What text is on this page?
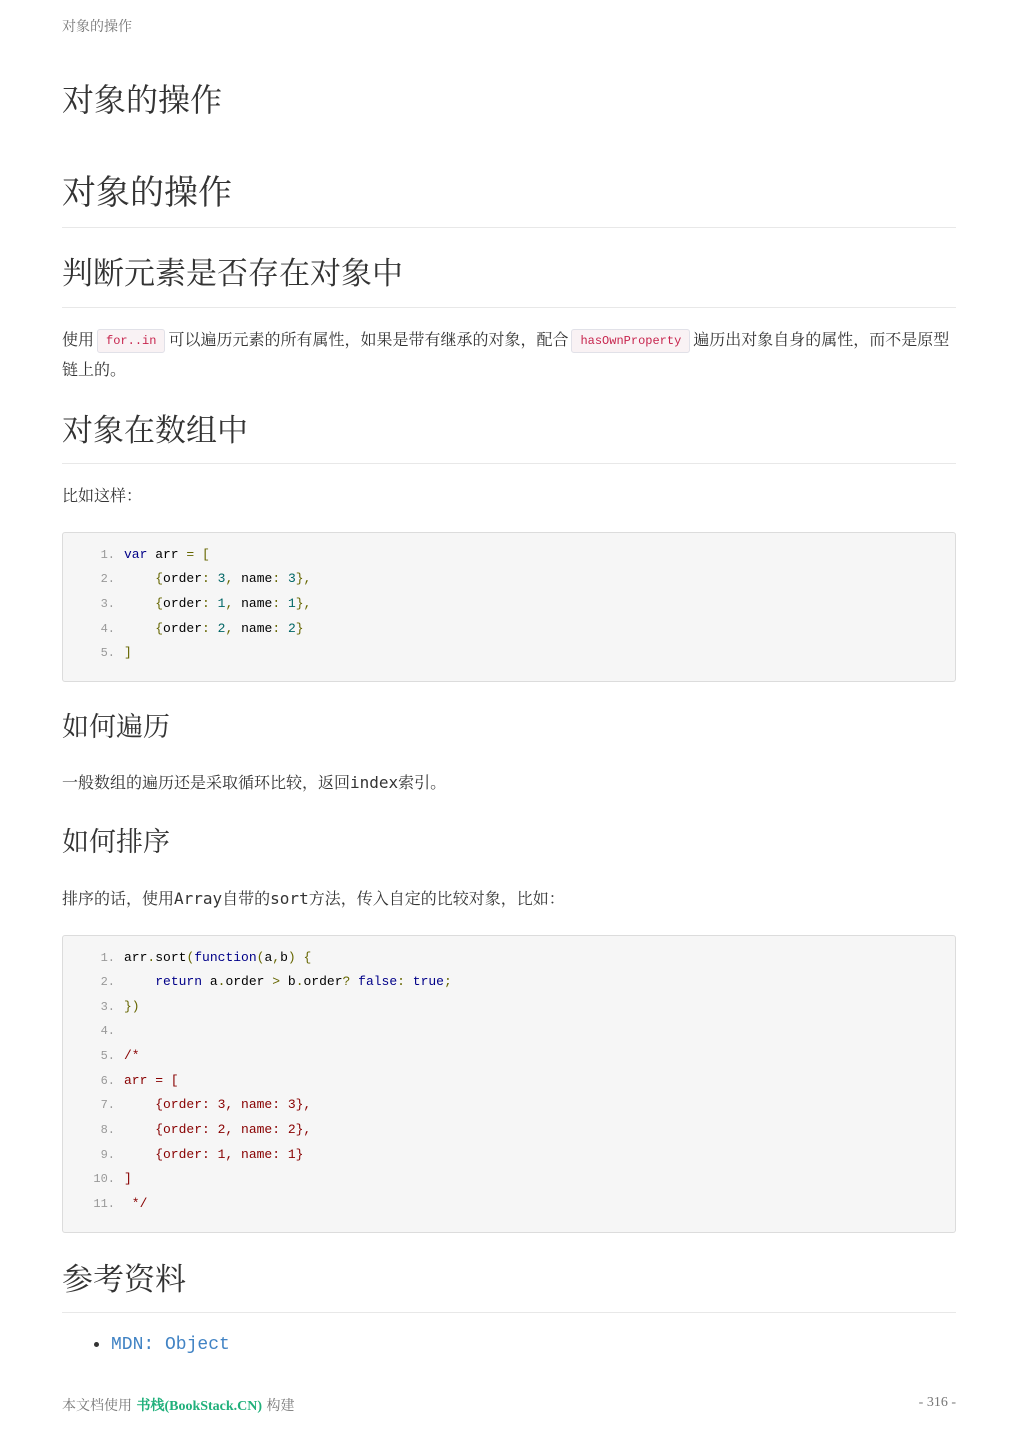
对象的操作
对象的操作
对象的操作
判断元素是否存在对象中

使用 for..in 可以遍历元素的所有属性，如果是带有继承的对象，配合 hasOwnProperty 遍历出对象自身的属性，而不是原型链上的。

对象在数组中

比如这样：

1. var arr = [
2.	{order: 3, name: 3},
3.	{order: 1, name: 1},
4.	{order: 2, name: 2}
5. ]
如何遍历

一般数组的遍历还是采取循环比较，返回index索引。

如何排序

排序的话，使用Array自带的sort方法，传入自定的比较对象，比如：

1. arr.sort(function(a,b) {
2.	return a.order > b.order? false: true;
3. })
4.
5. /*
6. arr = [
7.    {order: 3, name: 3},
8.    {order: 2, name: 2},
9.    {order: 1, name: 1}
10. ]
11. */
参考资料
• MDN: Object
本文档使用 书栈(BookStack.CN) 构建	- 316 -
